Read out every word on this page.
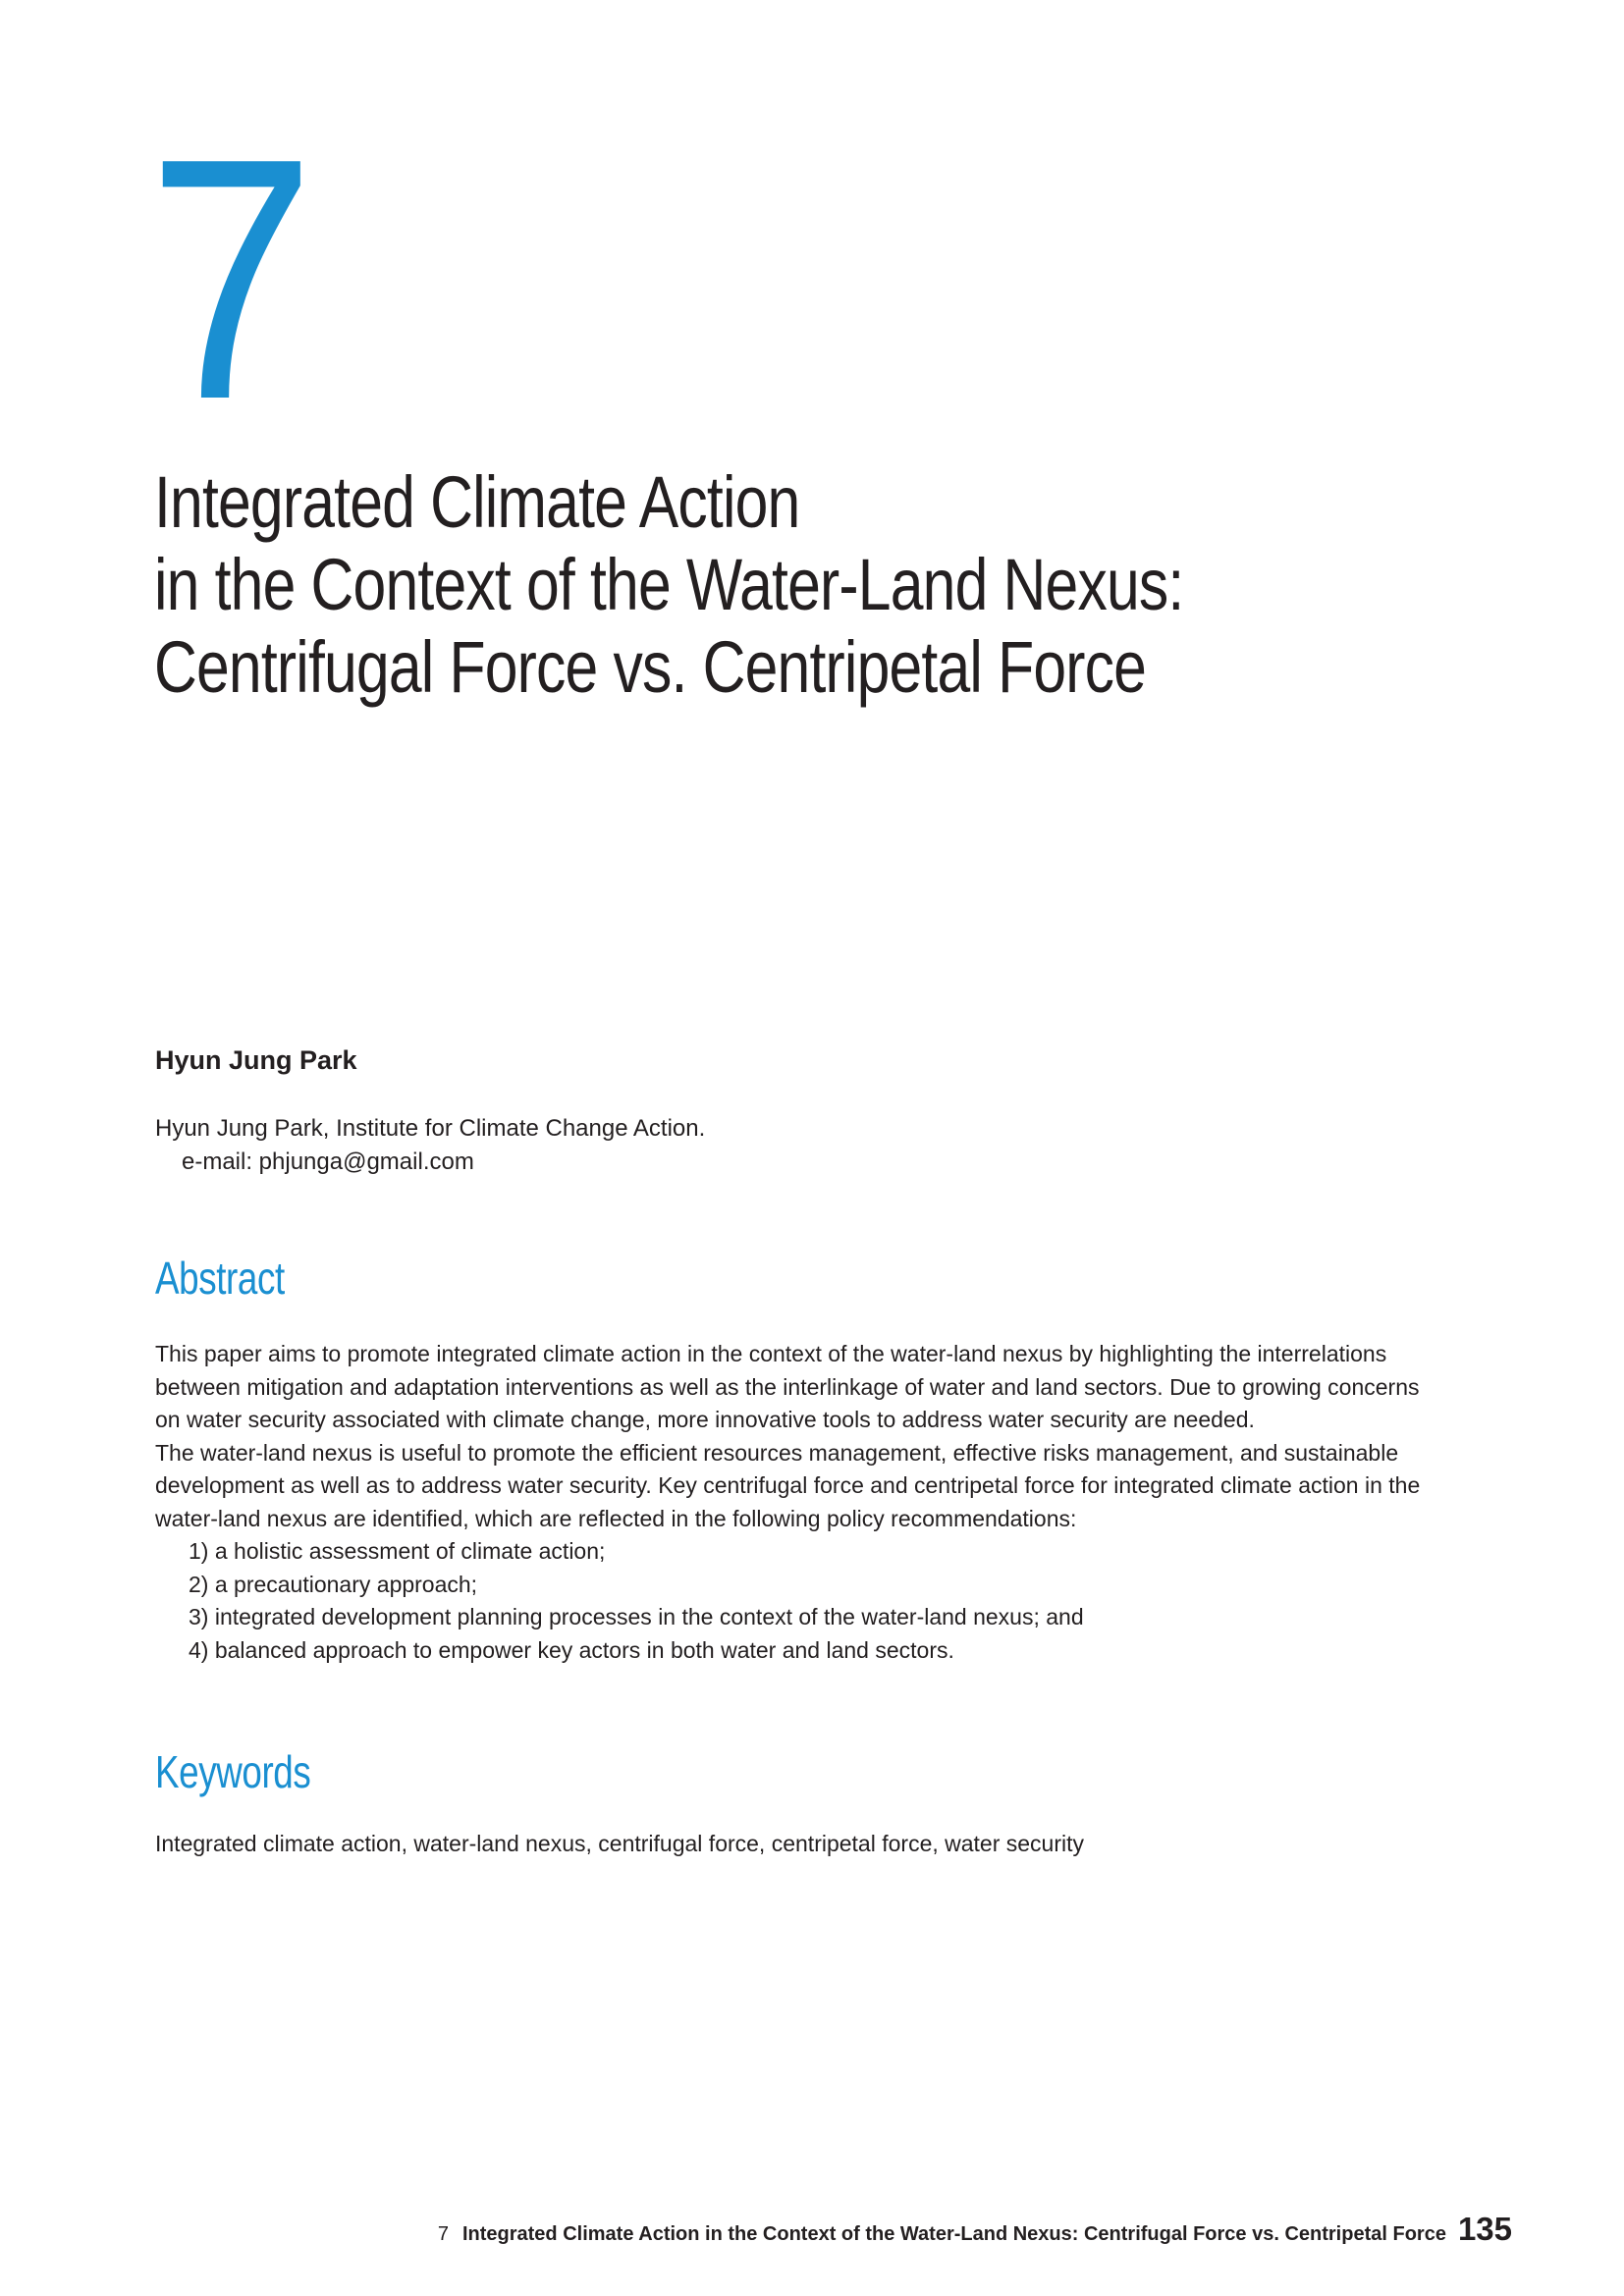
7
Integrated Climate Action
in the Context of the Water-Land Nexus:
Centrifugal Force vs. Centripetal Force
Hyun Jung Park
Hyun Jung Park, Institute for Climate Change Action.
e-mail: phjunga@gmail.com
Abstract

This paper aims to promote integrated climate action in the context of the water-land nexus by highlighting the interrelations

between mitigation and adaptation interventions as well as the interlinkage of water and land sectors. Due to growing concerns

on water security associated with climate change, more innovative tools to address water security are needed.

The water-land nexus is useful to promote the efficient resources management, effective risks management, and sustainable

development as well as to address water security. Key centrifugal force and centripetal force for integrated climate action in the

water-land nexus are identified, which are reflected in the following policy recommendations:

1) a holistic assessment of climate action;

2) a precautionary approach;

3) integrated development planning processes in the context of the water-land nexus; and

4) balanced approach to empower key actors in both water and land sectors.

Keywords
Integrated climate action, water-land nexus, centrifugal force, centripetal force, water security
7 Integrated Climate Action in the Context of the Water-Land Nexus: Centrifugal Force vs. Centripetal Force 135
